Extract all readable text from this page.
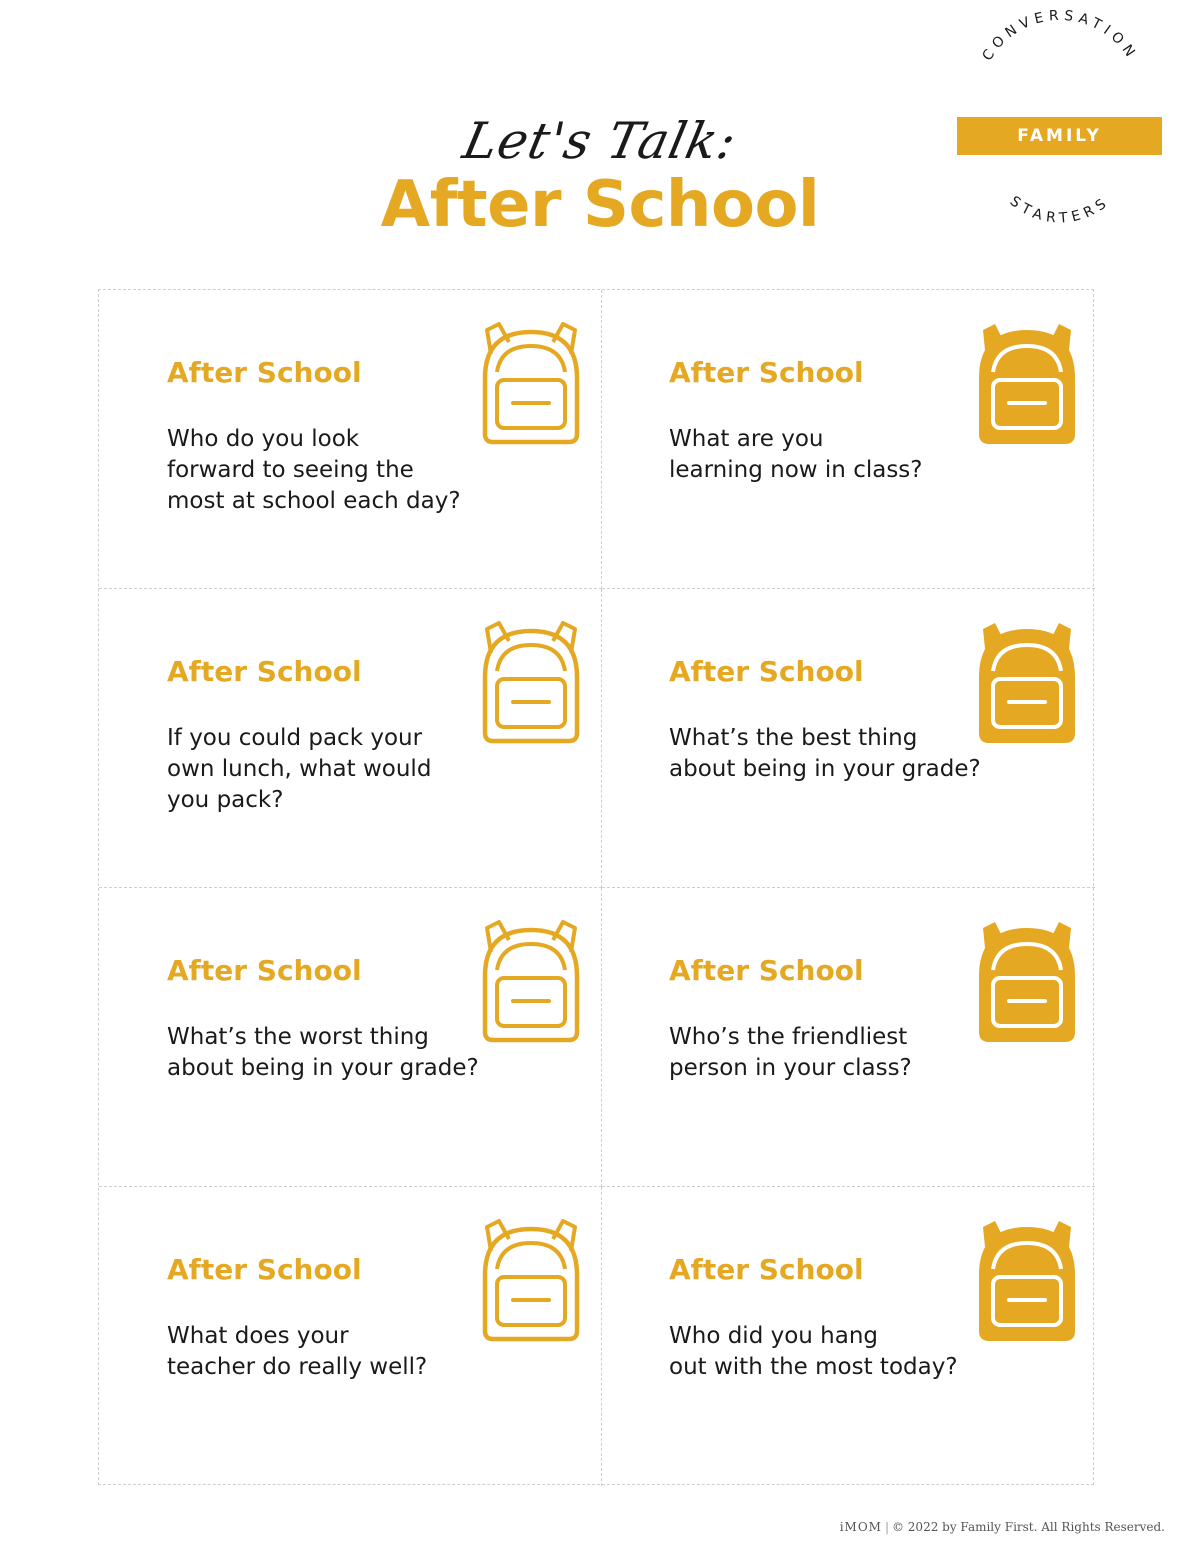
Let's Talk:
After School
CONVERSATION
STARTERS
FAMILY
After School
Who do you look
forward to seeing the
most at school each day?
After School
What are you
learning now in class?
After School
If you could pack your
own lunch, what would
you pack?
After School
What’s the best thing
about being in your grade?
After School
What’s the worst thing
about being in your grade?
After School
Who’s the friendliest
person in your class?
After School
What does your
teacher do really well?
After School
Who did you hang
out with the most today?
iMOM | © 2022 by Family First. All Rights Reserved.
